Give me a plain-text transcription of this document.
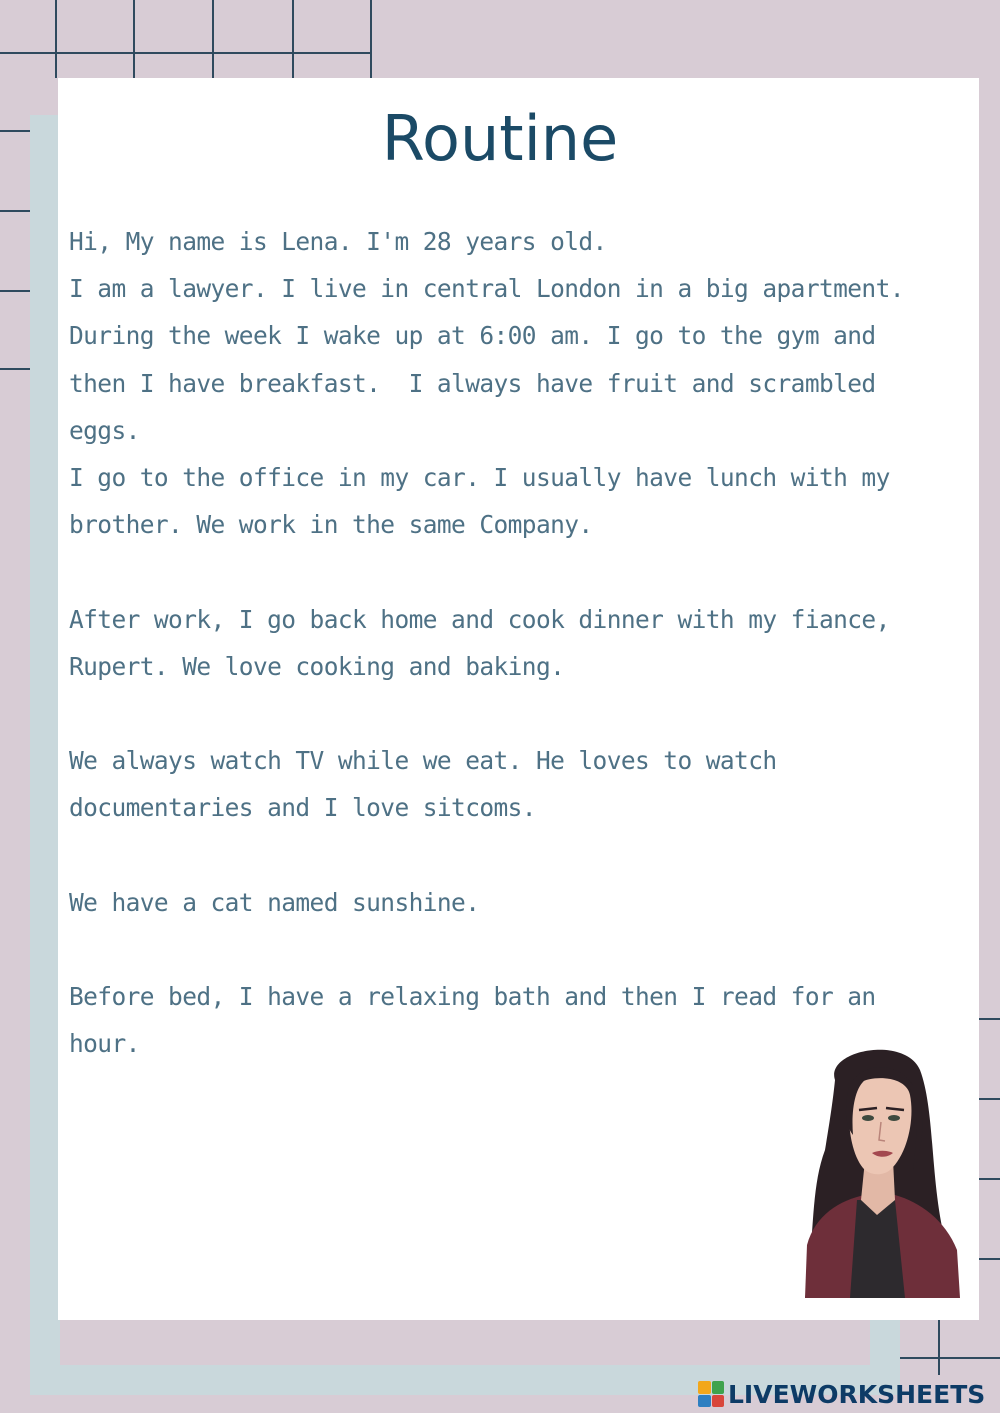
Routine

Hi, My name is Lena. I'm 28 years old.

I am a lawyer. I live in central London in a big apartment.

During the week I wake up at 6:00 am. I go to the gym and

then I have breakfast.  I always have fruit and scrambled

eggs.

I go to the office in my car. I usually have lunch with my

brother. We work in the same Company.

After work, I go back home and cook dinner with my fiance,

Rupert. We love cooking and baking.

We always watch TV while we eat. He loves to watch

documentaries and I love sitcoms.

We have a cat named sunshine.

Before bed, I have a relaxing bath and then I read for an

hour.

LIVEWORKSHEETS
